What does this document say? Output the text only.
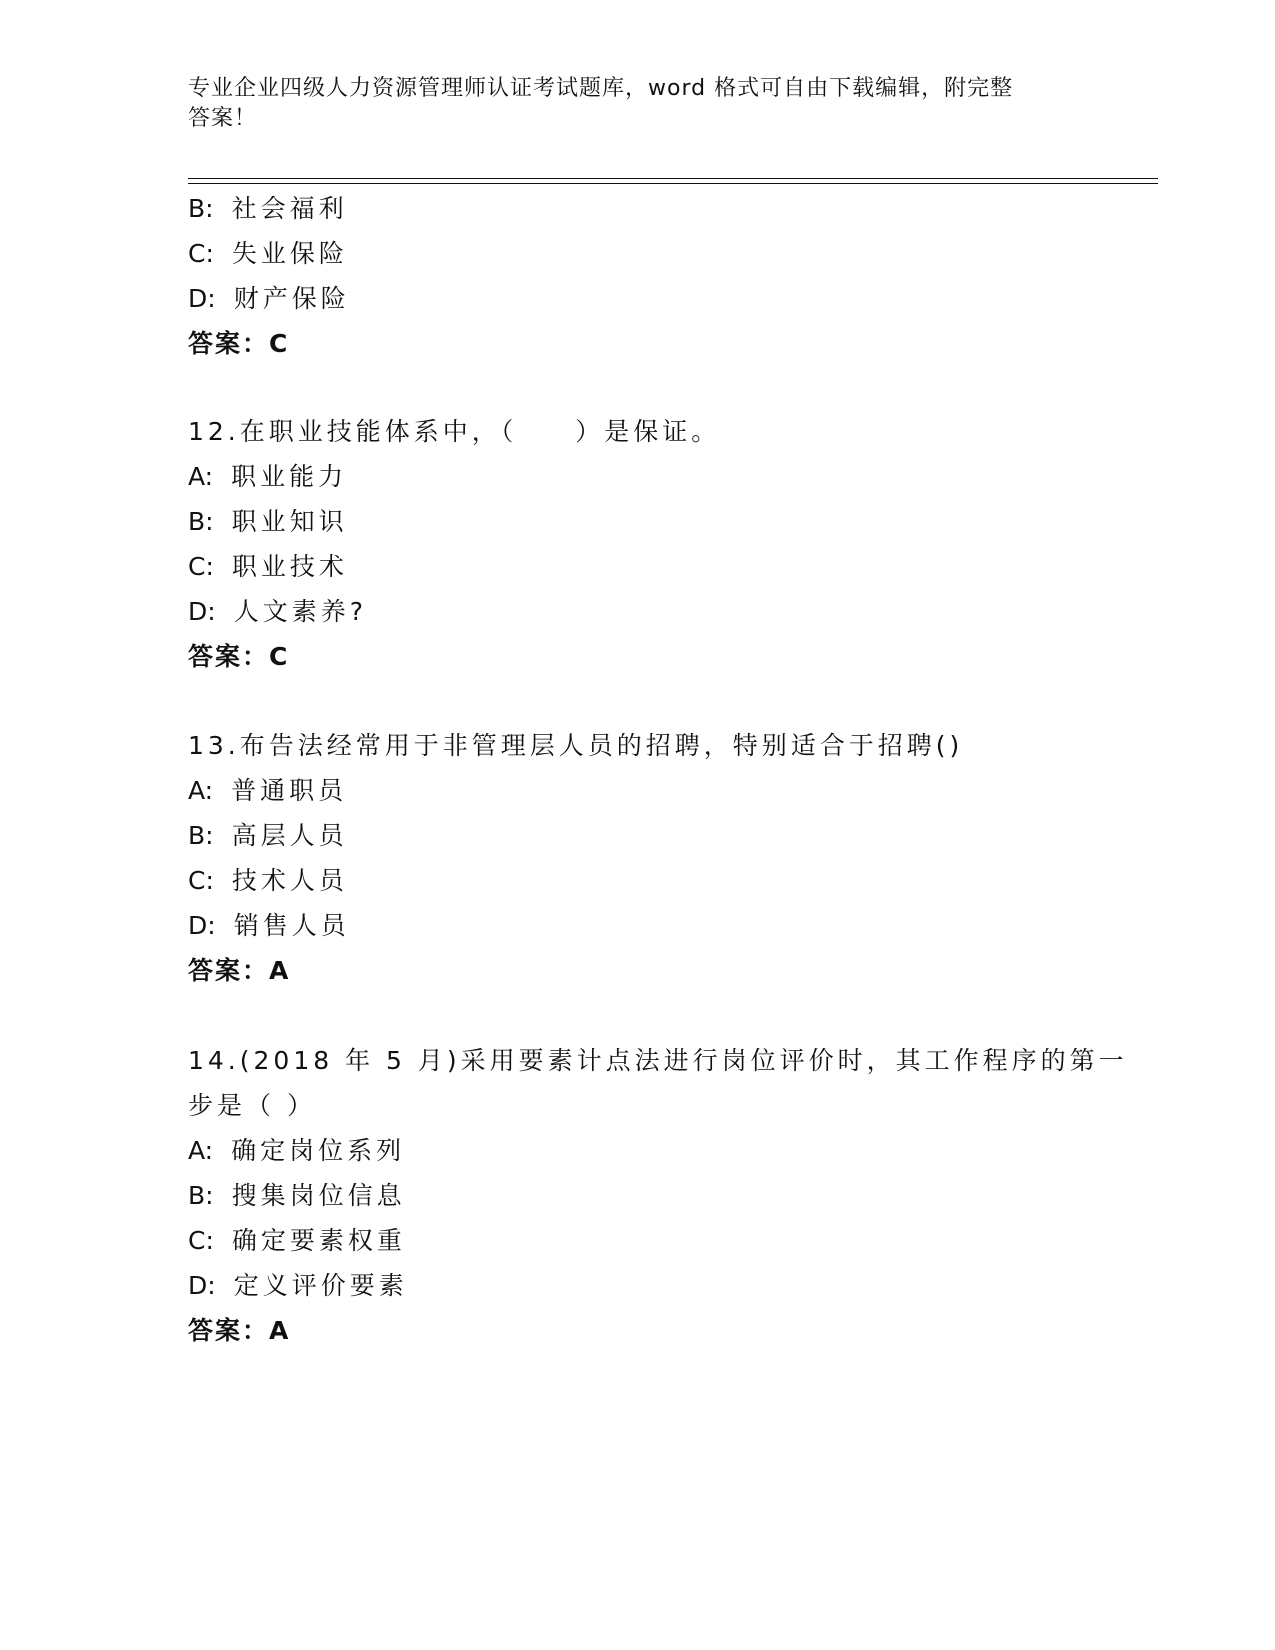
专业企业四级人力资源管理师认证考试题库，word 格式可自由下载编辑，附完整
答案！
B: 社会福利
C: 失业保险
D: 财产保险
答案：C
12.在职业技能体系中，（　　）是保证。
A: 职业能力
B: 职业知识
C: 职业技术
D: 人文素养?
答案：C
13.布告法经常用于非管理层人员的招聘，特别适合于招聘()
A: 普通职员
B: 高层人员
C: 技术人员
D: 销售人员
答案：A
14.(2018 年 5 月)采用要素计点法进行岗位评价时，其工作程序的第一
步是（ ）
A: 确定岗位系列
B: 搜集岗位信息
C: 确定要素权重
D: 定义评价要素
答案：A
